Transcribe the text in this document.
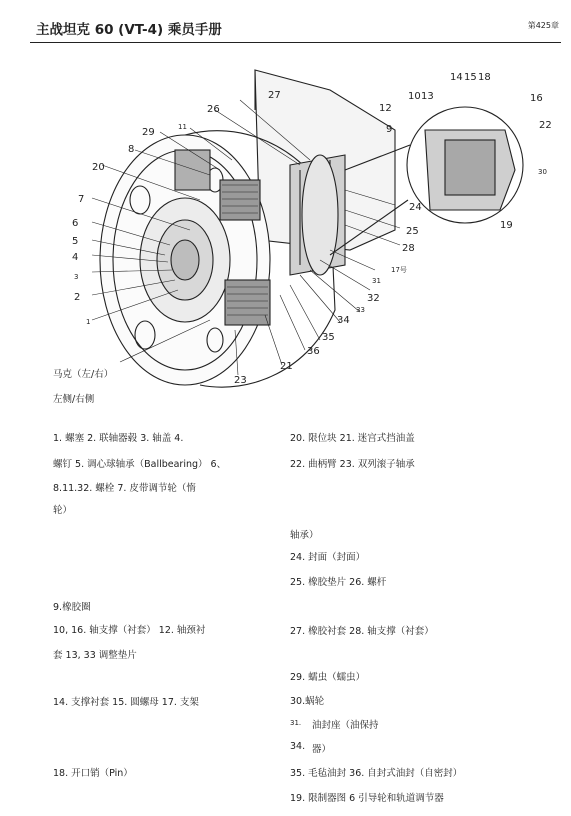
主战坦克 60 (VT-4) 乘员手册	第425章
27
26
11
29
8
20
7
6
5
4
3
2
1
10 13
14 15 18
16
12
9	22
30
19
24
25
28
17号
31
32
33
34
35
36
21
23
马克（左/右）
左侧/右侧
1. 螺塞 2. 联轴器毂 3. 轴盖 4.
螺钉 5. 调心球轴承（Ballbearing） 6、
8.11.32. 螺栓 7. 皮带调节轮（惰
轮）
9.橡胶圈
10, 16. 轴支撑（衬套） 12. 轴颈衬
套 13, 33 调整垫片
14. 支撑衬套 15. 圆螺母 17. 支架
18. 开口销（Pin）
20. 限位块 21. 迷宫式挡油盖
22. 曲柄臂 23. 双列滚子轴承
轴承）
24. 封面（封面）
25. 橡胶垫片 26. 螺杆
27. 橡胶衬套 28. 轴支撑（衬套）
29. 蠕虫（蠕虫）
30.蜗轮
31. 油封座（油保持
34. 器）
35. 毛毡油封 36. 自封式油封（自密封）
19. 限制器图 6 引导轮和轨道调节器
